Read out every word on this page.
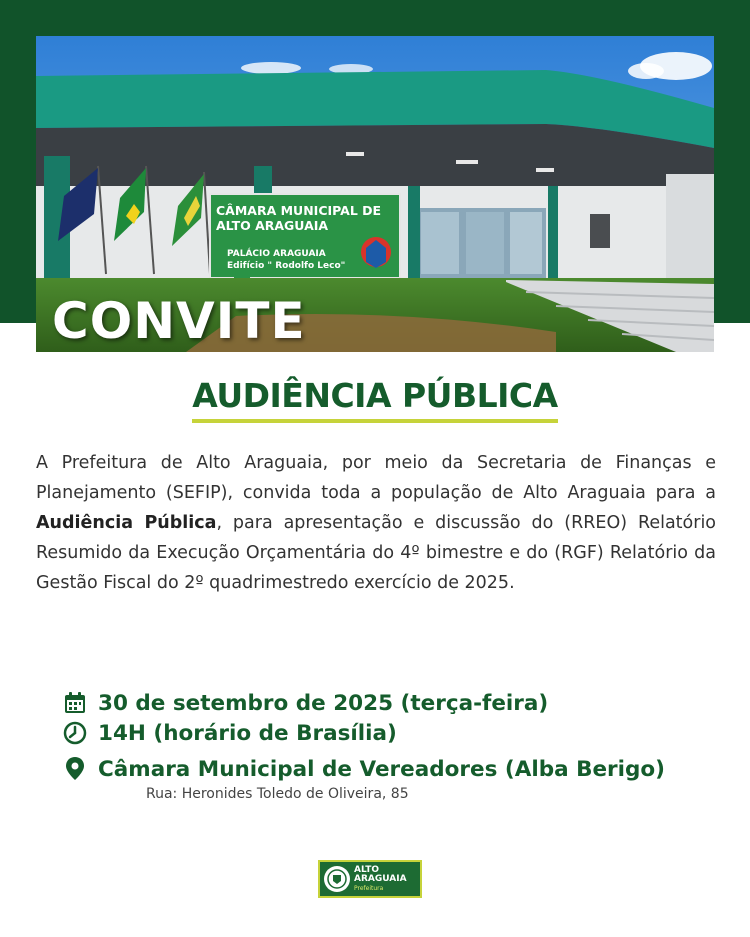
CÂMARA MUNICIPAL DE ALTO ARAGUAIA
PALÁCIO ARAGUAIA
Edifício " Rodolfo Leco"
CONVITE
AUDIÊNCIA PÚBLICA
A Prefeitura de Alto Araguaia, por meio da Secretaria de Finanças e Planejamento (SEFIP), convida toda a população de Alto Araguaia para a Audiência Pública, para apresentação e discussão do (RREO) Relatório Resumido da Execução Orçamentária do 4º bimestre e do (RGF) Relatório da Gestão Fiscal do 2º quadrimestredo exercício de 2025.
30 de setembro de 2025 (terça-feira)
14H (horário de Brasília)
Câmara Municipal de Vereadores (Alba Berigo)
Rua: Heronides Toledo de Oliveira, 85
ALTO
ARAGUAIA
Prefeitura
